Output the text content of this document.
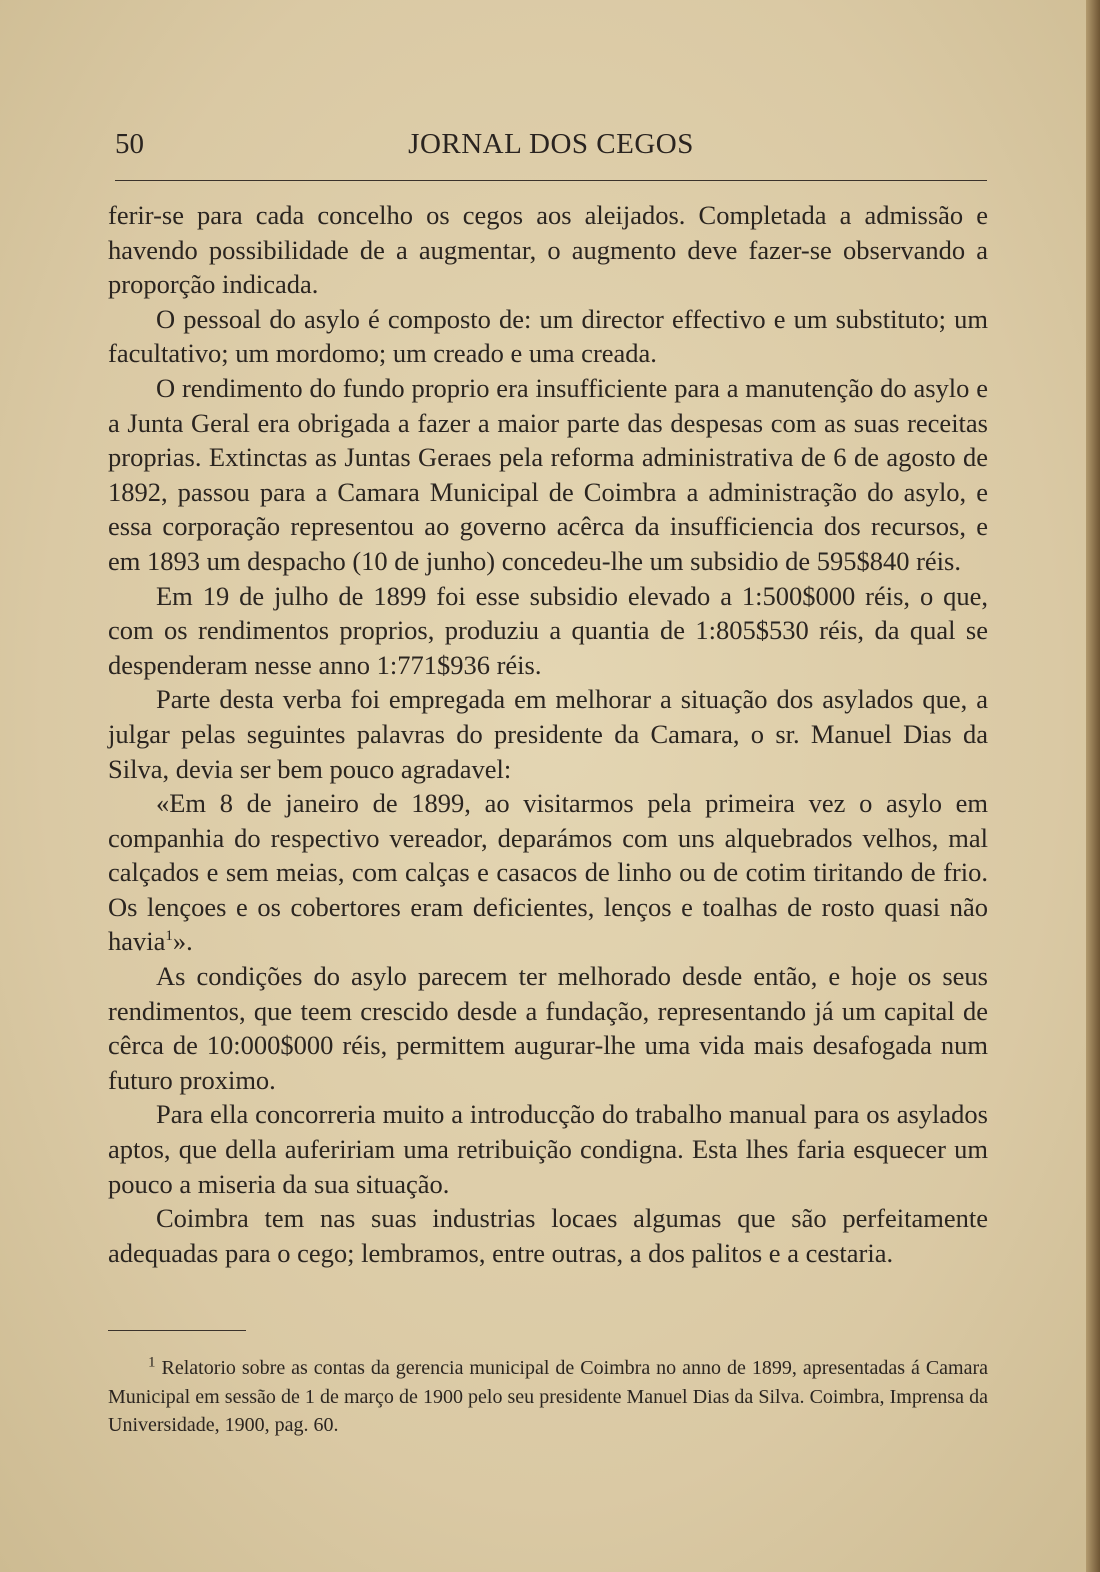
50	JORNAL DOS CEGOS

ferir-se para cada concelho os cegos aos aleijados. Completada a admissão e havendo possibilidade de a augmentar, o augmento deve fazer-se observando a proporção indicada.

O pessoal do asylo é composto de: um director effectivo e um substituto; um facultativo; um mordomo; um creado e uma creada.

O rendimento do fundo proprio era insufficiente para a manutenção do asylo e a Junta Geral era obrigada a fazer a maior parte das despesas com as suas receitas proprias. Extinctas as Juntas Geraes pela reforma administrativa de 6 de agosto de 1892, passou para a Camara Municipal de Coimbra a administração do asylo, e essa corporação representou ao governo acêrca da insufficiencia dos recursos, e em 1893 um despacho (10 de junho) concedeu-lhe um subsidio de 595$840 réis.

Em 19 de julho de 1899 foi esse subsidio elevado a 1:500$000 réis, o que, com os rendimentos proprios, produziu a quantia de 1:805$530 réis, da qual se despenderam nesse anno 1:771$936 réis.

Parte desta verba foi empregada em melhorar a situação dos asylados que, a julgar pelas seguintes palavras do presidente da Camara, o sr. Manuel Dias da Silva, devia ser bem pouco agradavel:

«Em 8 de janeiro de 1899, ao visitarmos pela primeira vez o asylo em companhia do respectivo vereador, deparámos com uns alquebrados velhos, mal calçados e sem meias, com calças e casacos de linho ou de cotim tiritando de frio. Os lençoes e os cobertores eram deficientes, lenços e toalhas de rosto quasi não havia$^1$».

As condições do asylo parecem ter melhorado desde então, e hoje os seus rendimentos, que teem crescido desde a fundação, representando já um capital de cêrca de 10:000$000 réis, permittem augurar-lhe uma vida mais desafogada num futuro proximo.

Para ella concorreria muito a introducção do trabalho manual para os asylados aptos, que della aufeririam uma retribuição condigna. Esta lhes faria esquecer um pouco a miseria da sua situação.

Coimbra tem nas suas industrias locaes algumas que são perfeitamente adequadas para o cego; lembramos, entre outras, a dos palitos e a cestaria.

$^1$ Relatorio sobre as contas da gerencia municipal de Coimbra no anno de 1899, apresentadas á Camara Municipal em sessão de 1 de março de 1900 pelo seu presidente Manuel Dias da Silva. Coimbra, Imprensa da Universidade, 1900, pag. 60.
